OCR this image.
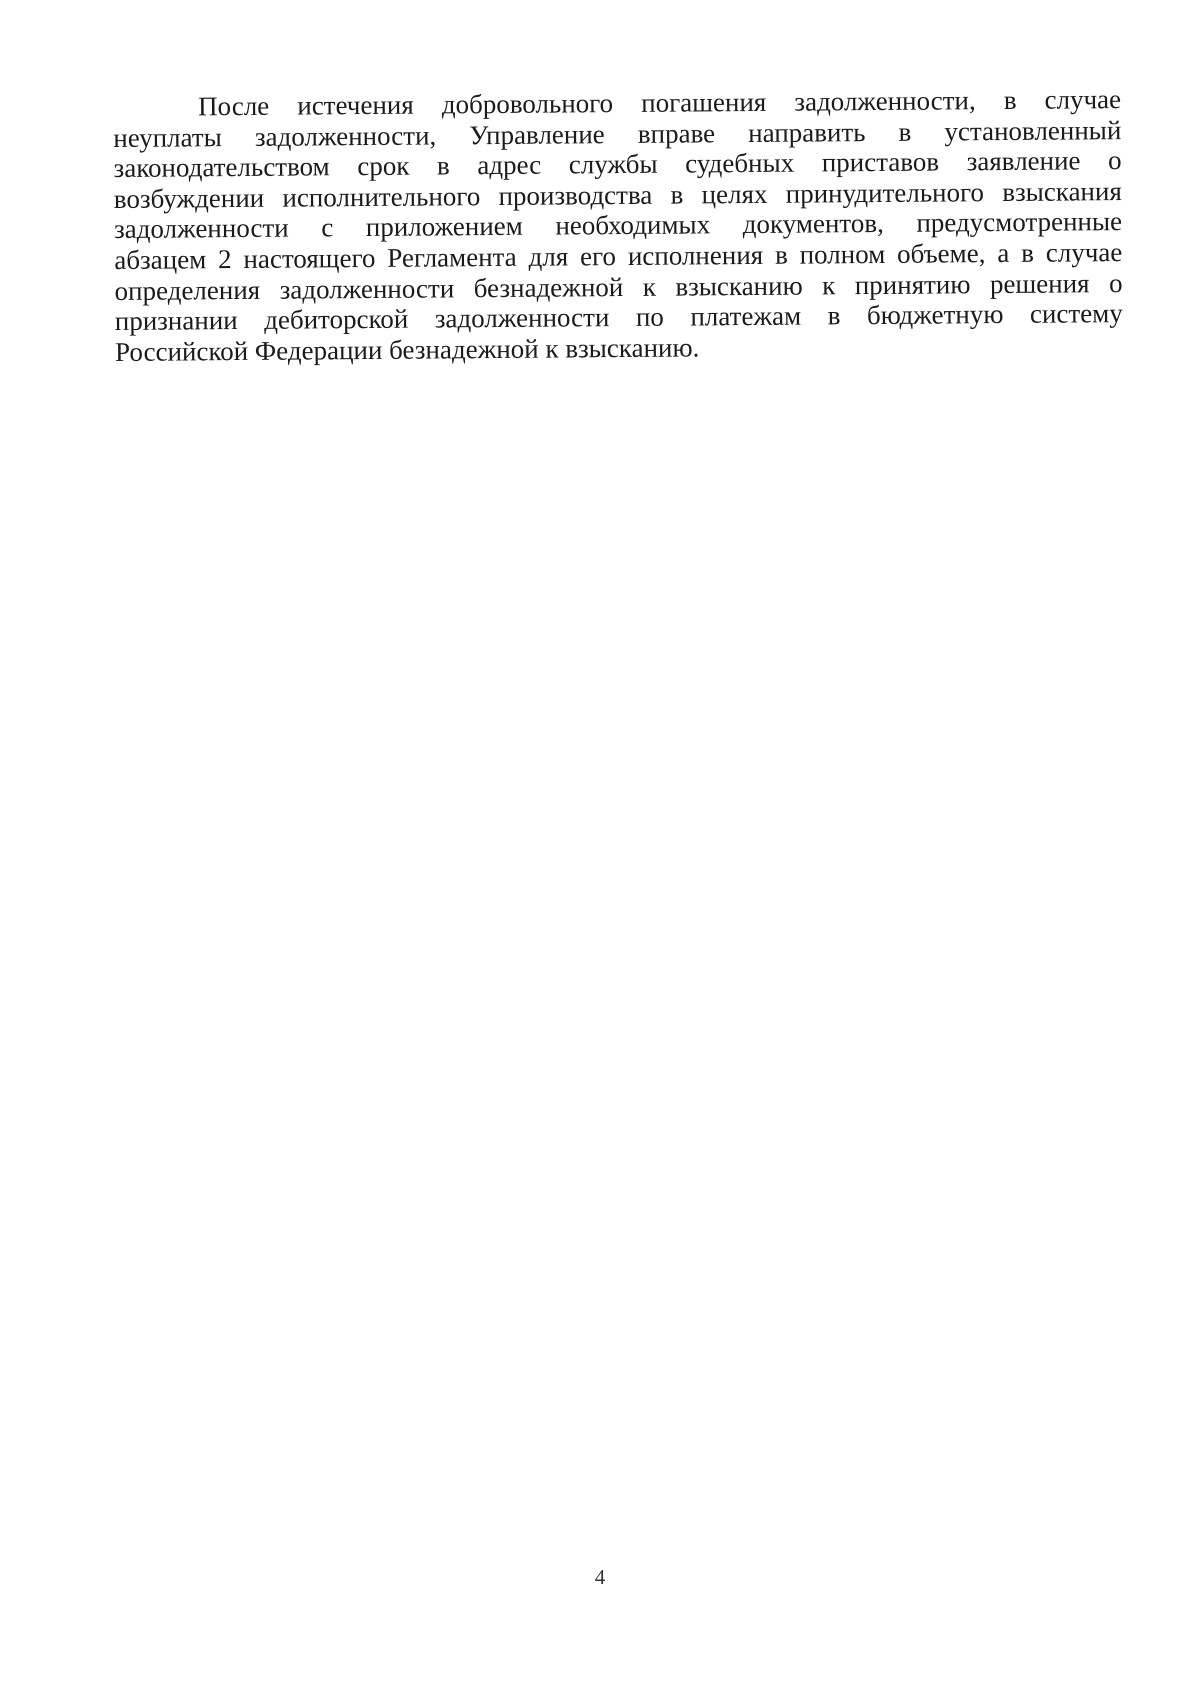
После истечения добровольного погашения задолженности, в случае
неуплаты задолженности, Управление вправе направить в установленный
законодательством срок в адрес службы судебных приставов заявление о
возбуждении исполнительного производства в целях принудительного взыскания
задолженности с приложением необходимых документов, предусмотренные
абзацем 2 настоящего Регламента для его исполнения в полном объеме, а в случае
определения задолженности безнадежной к взысканию к принятию решения о
признании дебиторской задолженности по платежам в бюджетную систему
Российской Федерации безнадежной к взысканию.
4
